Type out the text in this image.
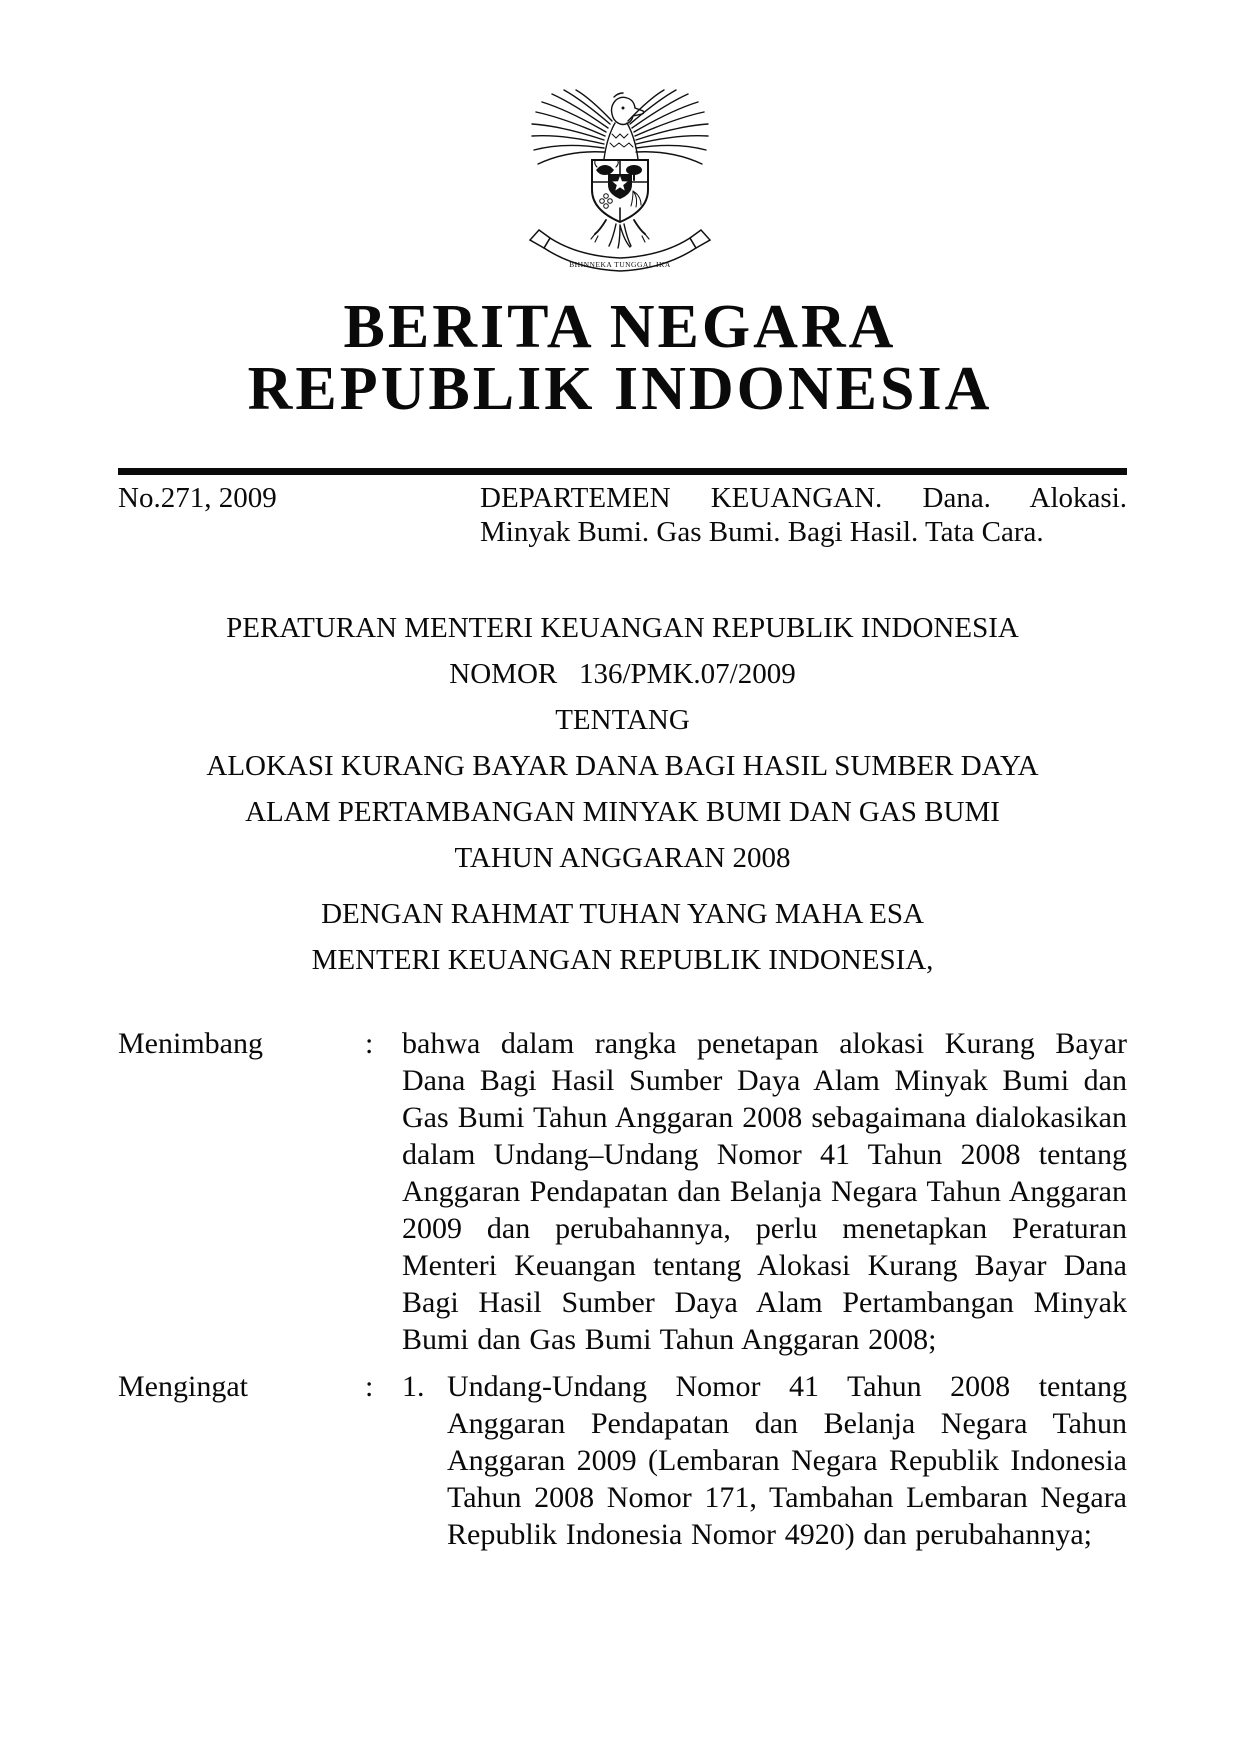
BHINNEKA TUNGGAL IKA
BERITA NEGARA
REPUBLIK INDONESIA
No.271, 2009	DEPARTEMEN KEUANGAN. Dana. Alokasi.
Minyak Bumi. Gas Bumi. Bagi Hasil. Tata Cara.
PERATURAN MENTERI KEUANGAN REPUBLIK INDONESIA
NOMOR   136/PMK.07/2009
TENTANG
ALOKASI KURANG BAYAR DANA BAGI HASIL SUMBER DAYA
ALAM PERTAMBANGAN MINYAK BUMI DAN GAS BUMI
TAHUN ANGGARAN 2008
DENGAN RAHMAT TUHAN YANG MAHA ESA
MENTERI KEUANGAN REPUBLIK INDONESIA,
Menimbang	: bahwa dalam rangka penetapan alokasi Kurang Bayar Dana Bagi Hasil Sumber Daya Alam Minyak Bumi dan Gas Bumi Tahun Anggaran 2008 sebagaimana dialokasikan dalam Undang–Undang Nomor 41 Tahun 2008 tentang Anggaran Pendapatan dan Belanja Negara Tahun Anggaran 2009 dan perubahannya, perlu menetapkan Peraturan Menteri Keuangan tentang Alokasi Kurang Bayar Dana Bagi Hasil Sumber Daya Alam Pertambangan Minyak Bumi dan Gas Bumi Tahun Anggaran 2008;
Mengingat	: 1. Undang-Undang Nomor 41 Tahun 2008 tentang Anggaran Pendapatan dan Belanja Negara Tahun Anggaran 2009 (Lembaran Negara Republik Indonesia Tahun 2008 Nomor 171, Tambahan Lembaran Negara Republik Indonesia Nomor 4920) dan perubahannya;
